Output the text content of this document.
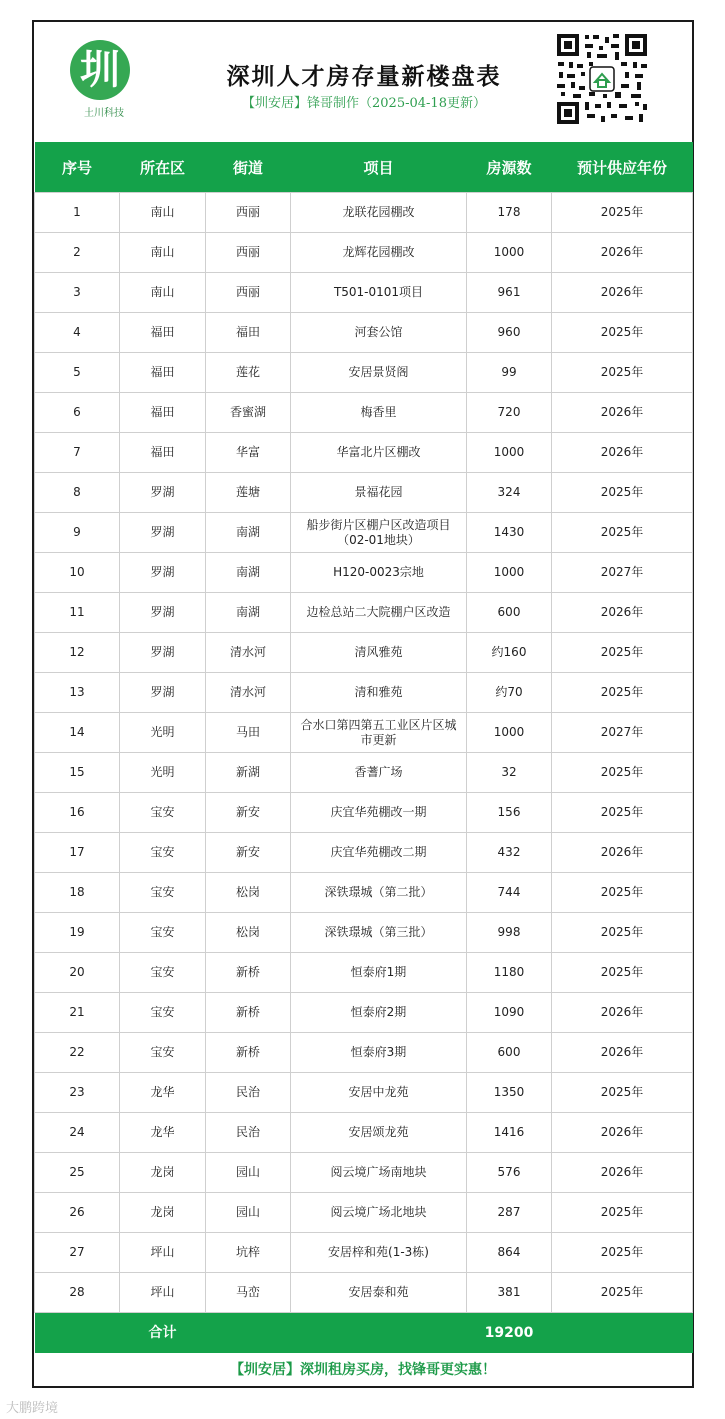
圳
土川科技
深圳人才房存量新楼盘表
【圳安居】锋哥制作（2025-04-18更新）
序号	所在区	街道	项目	房源数	预计供应年份
1	南山	西丽	龙联花园棚改	178	2025年
2	南山	西丽	龙辉花园棚改	1000	2026年
3	南山	西丽	T501-0101项目	961	2026年
4	福田	福田	河套公馆	960	2025年
5	福田	莲花	安居景贤阁	99	2025年
6	福田	香蜜湖	梅香里	720	2026年
7	福田	华富	华富北片区棚改	1000	2026年
8	罗湖	莲塘	景福花园	324	2025年
9	罗湖	南湖	船步街片区棚户区改造项目（02-01地块）	1430	2025年
10	罗湖	南湖	H120-0023宗地	1000	2027年
11	罗湖	南湖	边检总站二大院棚户区改造	600	2026年
12	罗湖	清水河	清风雅苑	约160	2025年
13	罗湖	清水河	清和雅苑	约70	2025年
14	光明	马田	合水口第四第五工业区片区城市更新	1000	2027年
15	光明	新湖	香蓍广场	32	2025年
16	宝安	新安	庆宜华苑棚改一期	156	2025年
17	宝安	新安	庆宜华苑棚改二期	432	2026年
18	宝安	松岗	深铁璟城（第二批）	744	2025年
19	宝安	松岗	深铁璟城（第三批）	998	2025年
20	宝安	新桥	恒泰府1期	1180	2025年
21	宝安	新桥	恒泰府2期	1090	2026年
22	宝安	新桥	恒泰府3期	600	2026年
23	龙华	民治	安居中龙苑	1350	2025年
24	龙华	民治	安居颂龙苑	1416	2026年
25	龙岗	园山	阅云境广场南地块	576	2026年
26	龙岗	园山	阅云境广场北地块	287	2025年
27	坪山	坑梓	安居梓和苑(1-3栋)	864	2025年
28	坪山	马峦	安居泰和苑	381	2025年
合计				19200	
【圳安居】深圳租房买房，找锋哥更实惠！
大鹏跨境
